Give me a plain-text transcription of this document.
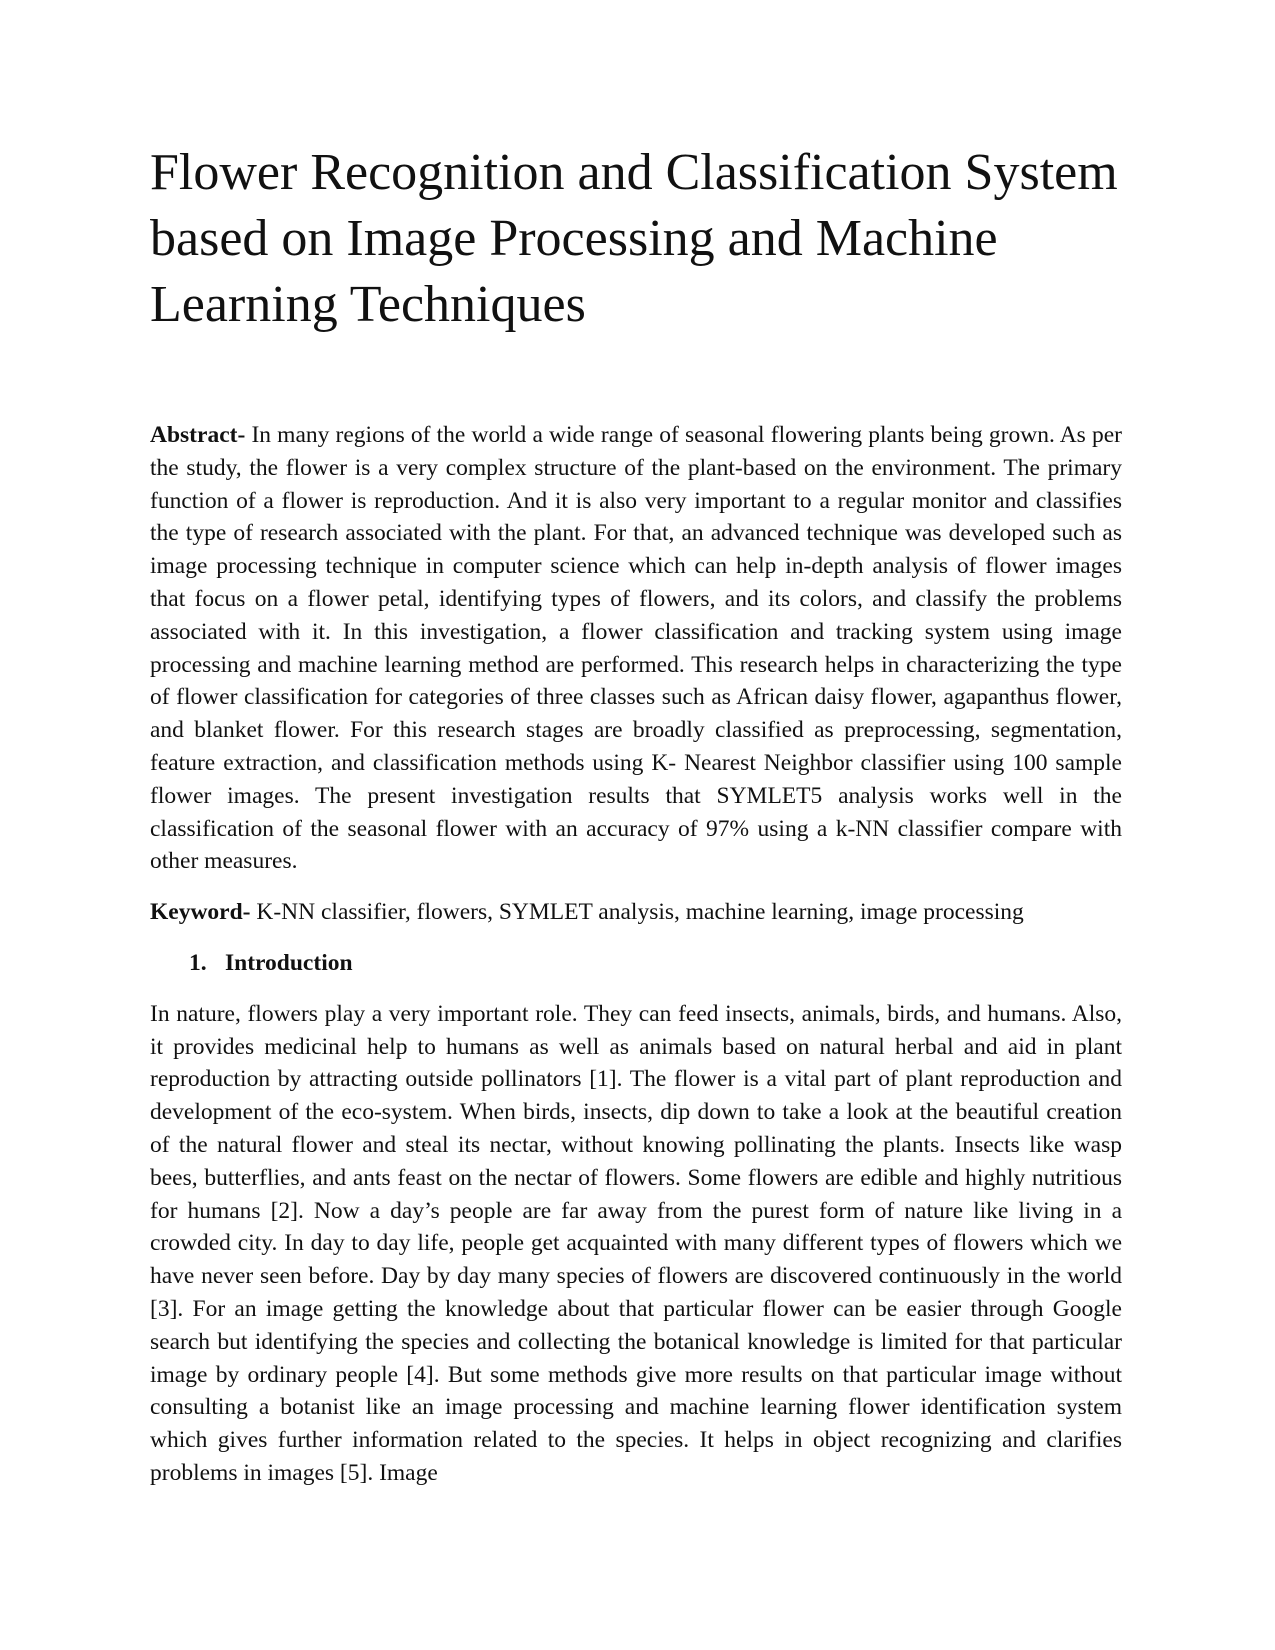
Flower Recognition and Classification System based on Image Processing and Machine Learning Techniques

Abstract- In many regions of the world a wide range of seasonal flowering plants being grown. As per the study, the flower is a very complex structure of the plant-based on the environment. The primary function of a flower is reproduction. And it is also very important to a regular monitor and classifies the type of research associated with the plant. For that, an advanced technique was developed such as image processing technique in computer science which can help in-depth analysis of flower images that focus on a flower petal, identifying types of flowers, and its colors, and classify the problems associated with it. In this investigation, a flower classification and tracking system using image processing and machine learning method are performed. This research helps in characterizing the type of flower classification for categories of three classes such as African daisy flower, agapanthus flower, and blanket flower. For this research stages are broadly classified as preprocessing, segmentation, feature extraction, and classification methods using K- Nearest Neighbor classifier using 100 sample flower images. The present investigation results that SYMLET5 analysis works well in the classification of the seasonal flower with an accuracy of 97% using a k-NN classifier compare with other measures.

Keyword- K-NN classifier, flowers, SYMLET analysis, machine learning, image processing

1. Introduction

In nature, flowers play a very important role. They can feed insects, animals, birds, and humans. Also, it provides medicinal help to humans as well as animals based on natural herbal and aid in plant reproduction by attracting outside pollinators [1]. The flower is a vital part of plant reproduction and development of the eco-system. When birds, insects, dip down to take a look at the beautiful creation of the natural flower and steal its nectar, without knowing pollinating the plants. Insects like wasp bees, butterflies, and ants feast on the nectar of flowers. Some flowers are edible and highly nutritious for humans [2]. Now a day’s people are far away from the purest form of nature like living in a crowded city. In day to day life, people get acquainted with many different types of flowers which we have never seen before. Day by day many species of flowers are discovered continuously in the world [3]. For an image getting the knowledge about that particular flower can be easier through Google search but identifying the species and collecting the botanical knowledge is limited for that particular image by ordinary people [4]. But some methods give more results on that particular image without consulting a botanist like an image processing and machine learning flower identification system which gives further information related to the species. It helps in object recognizing and clarifies problems in images [5]. Image
